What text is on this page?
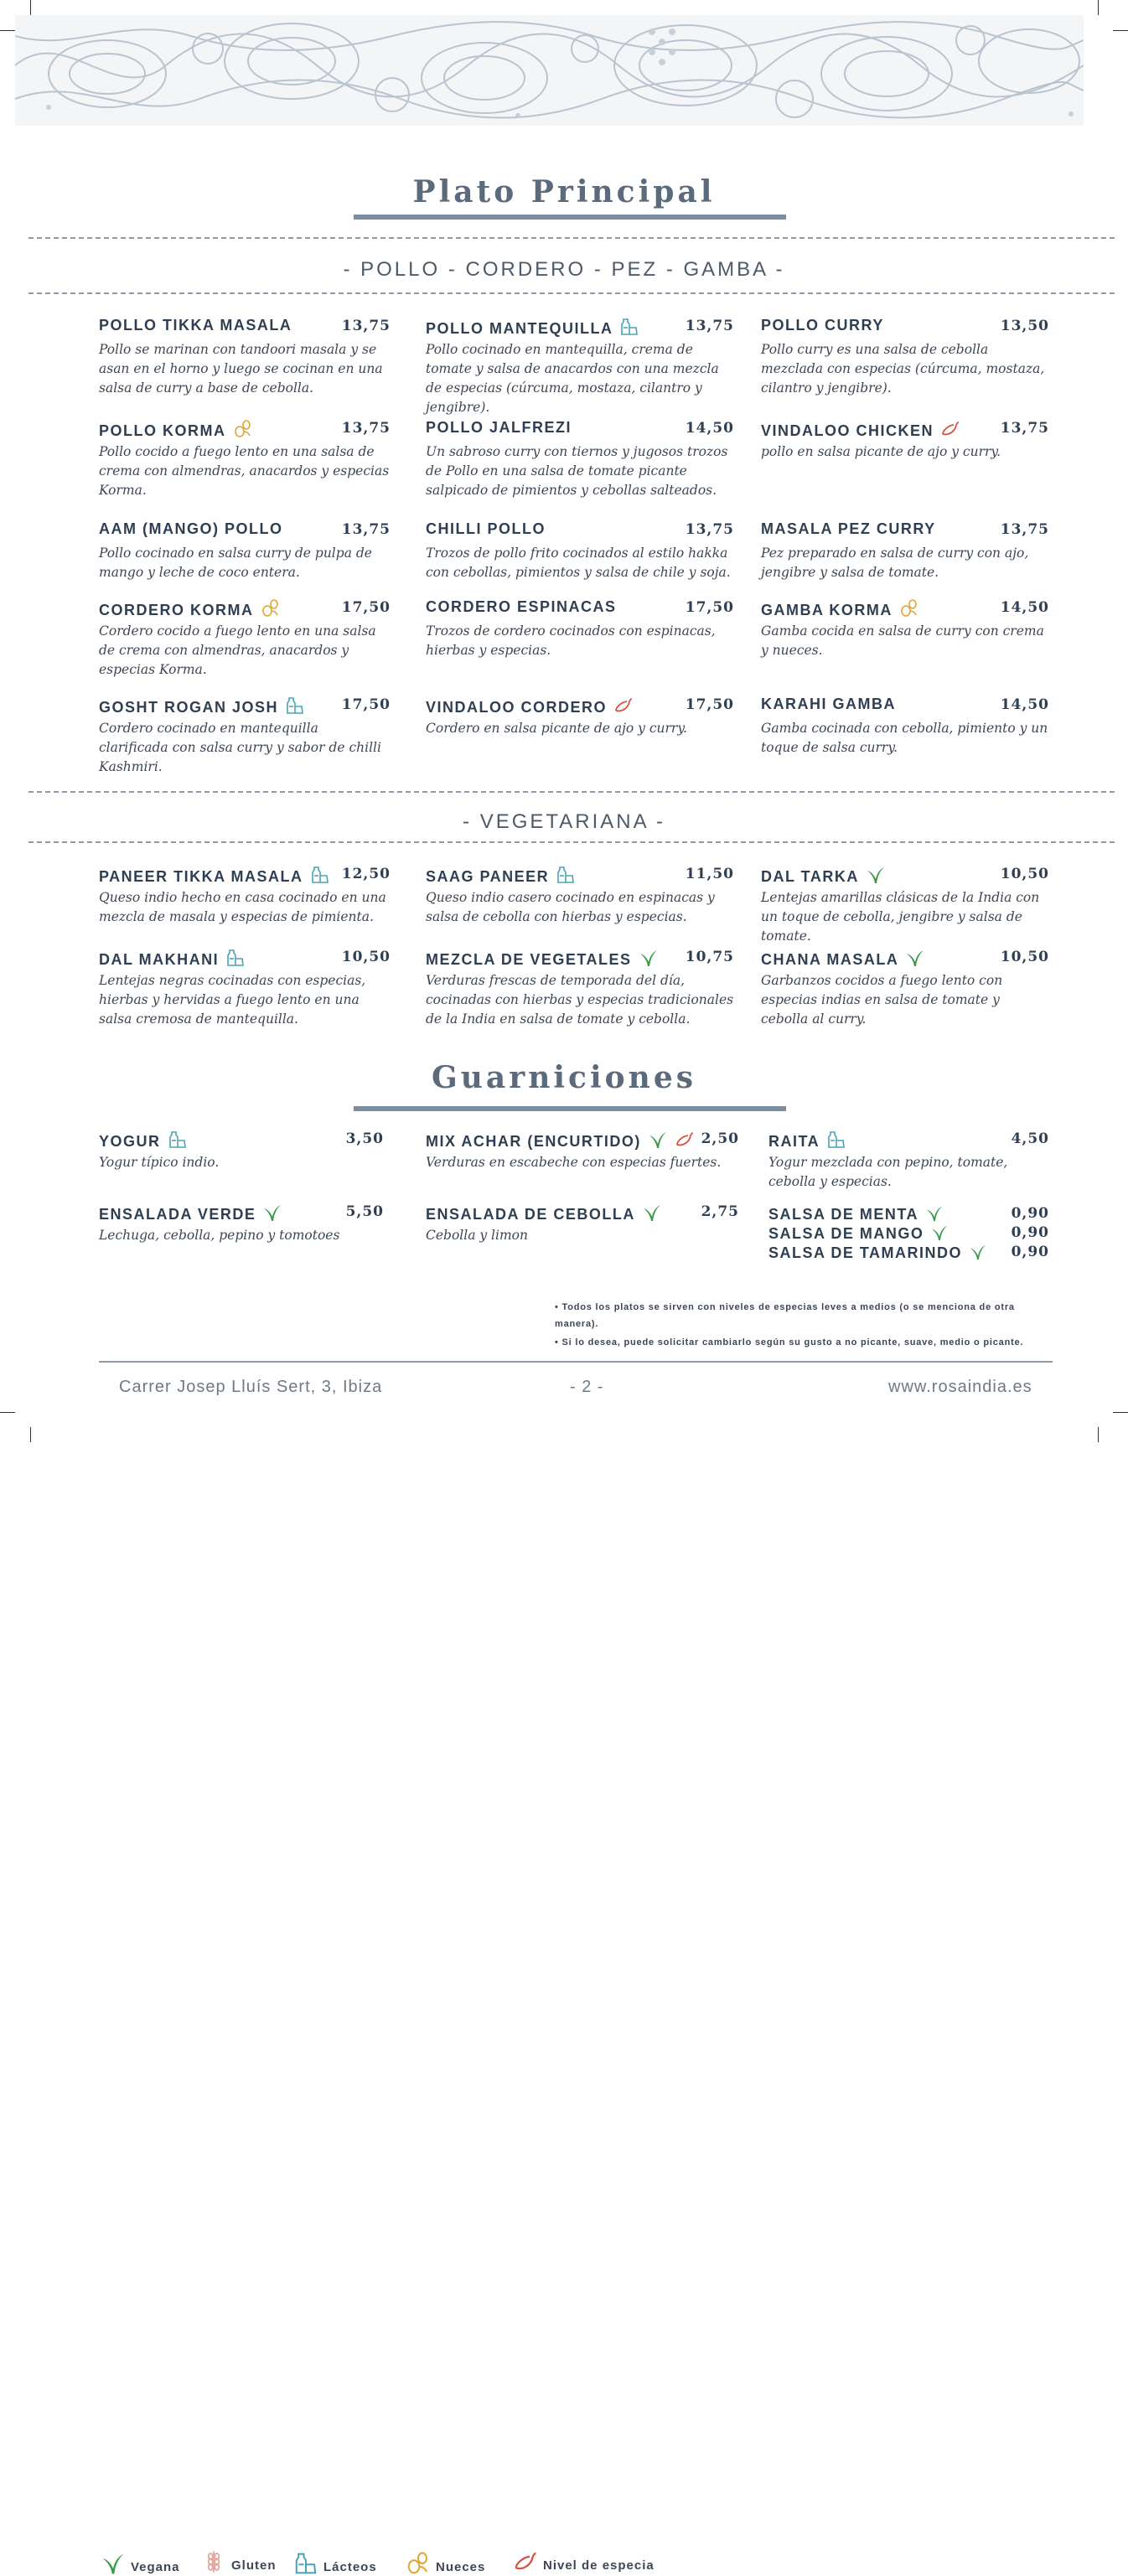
Plato Principal
- POLLO - CORDERO - PEZ - GAMBA -
POLLO TIKKA MASALA	13,75
Pollo se marinan con tandoori masala y se asan en el horno y luego se cocinan en una salsa de curry a base de cebolla.
POLLO MANTEQUILLA	13,75
Pollo cocinado en mantequilla, crema de tomate y salsa de anacardos con una mezcla de especias (cúrcuma, mostaza, cilantro y jengibre).
POLLO CURRY	13,50
Pollo curry es una salsa de cebolla mezclada con especias (cúrcuma, mostaza, cilantro y jengibre).
POLLO KORMA	13,75
Pollo cocido a fuego lento en una salsa de crema con almendras, anacardos y especias Korma.
POLLO JALFREZI	14,50
Un sabroso curry con tiernos y jugosos trozos de Pollo en una salsa de tomate picante salpicado de pimientos y cebollas salteados.
VINDALOO CHICKEN	13,75
pollo en salsa picante de ajo y curry.
AAM (MANGO) POLLO	13,75
Pollo cocinado en salsa curry de pulpa de mango y leche de coco entera.
CHILLI POLLO	13,75
Trozos de pollo frito cocinados al estilo hakka con cebollas, pimientos y salsa de chile y soja.
MASALA PEZ CURRY	13,75
Pez preparado en salsa de curry con ajo, jengibre y salsa de tomate.
CORDERO KORMA	17,50
Cordero cocido a fuego lento en una salsa de crema con almendras, anacardos y especias Korma.
CORDERO ESPINACAS	17,50
Trozos de cordero cocinados con espinacas, hierbas y especias.
GAMBA KORMA	14,50
Gamba cocida en salsa de curry con crema y nueces.
GOSHT ROGAN JOSH	17,50
Cordero cocinado en mantequilla clarificada con salsa curry y sabor de chilli Kashmiri.
VINDALOO CORDERO	17,50
Cordero en salsa picante de ajo y curry.
KARAHI GAMBA	14,50
Gamba cocinada con cebolla, pimiento y un toque de salsa curry.
- VEGETARIANA -
PANEER TIKKA MASALA	12,50
Queso indio hecho en casa cocinado en una mezcla de masala y especias de pimienta.
SAAG PANEER	11,50
Queso indio casero cocinado en espinacas y salsa de cebolla con hierbas y especias.
DAL TARKA	10,50
Lentejas amarillas clásicas de la India con un toque de cebolla, jengibre y salsa de tomate.
DAL MAKHANI	10,50
Lentejas negras cocinadas con especias, hierbas y hervidas a fuego lento en una salsa cremosa de mantequilla.
MEZCLA DE VEGETALES	10,75
Verduras frescas de temporada del día, cocinadas con hierbas y especias tradicionales de la India en salsa de tomate y cebolla.
CHANA MASALA	10,50
Garbanzos cocidos a fuego lento con especias indias en salsa de tomate y cebolla al curry.
Guarniciones
YOGUR	3,50
Yogur típico indio.
MIX ACHAR (ENCURTIDO)	2,50
Verduras en escabeche con especias fuertes.
RAITA	4,50
Yogur mezclada con pepino, tomate, cebolla y especias.
ENSALADA VERDE	5,50
Lechuga, cebolla, pepino y tomotoes
ENSALADA DE CEBOLLA	2,75
Cebolla y limon
SALSA DE MENTA	0,90
SALSA DE MANGO	0,90
SALSA DE TAMARINDO	0,90
Vegana	Gluten	Lácteos	Nueces	Nivel de especia
• Todos los platos se sirven con niveles de especias leves a medios (o se menciona de otra manera).
• Si lo desea, puede solicitar cambiarlo según su gusto a no picante, suave, medio o picante.
Carrer Josep Lluís Sert, 3, Ibiza	- 2 -	www.rosaindia.es
